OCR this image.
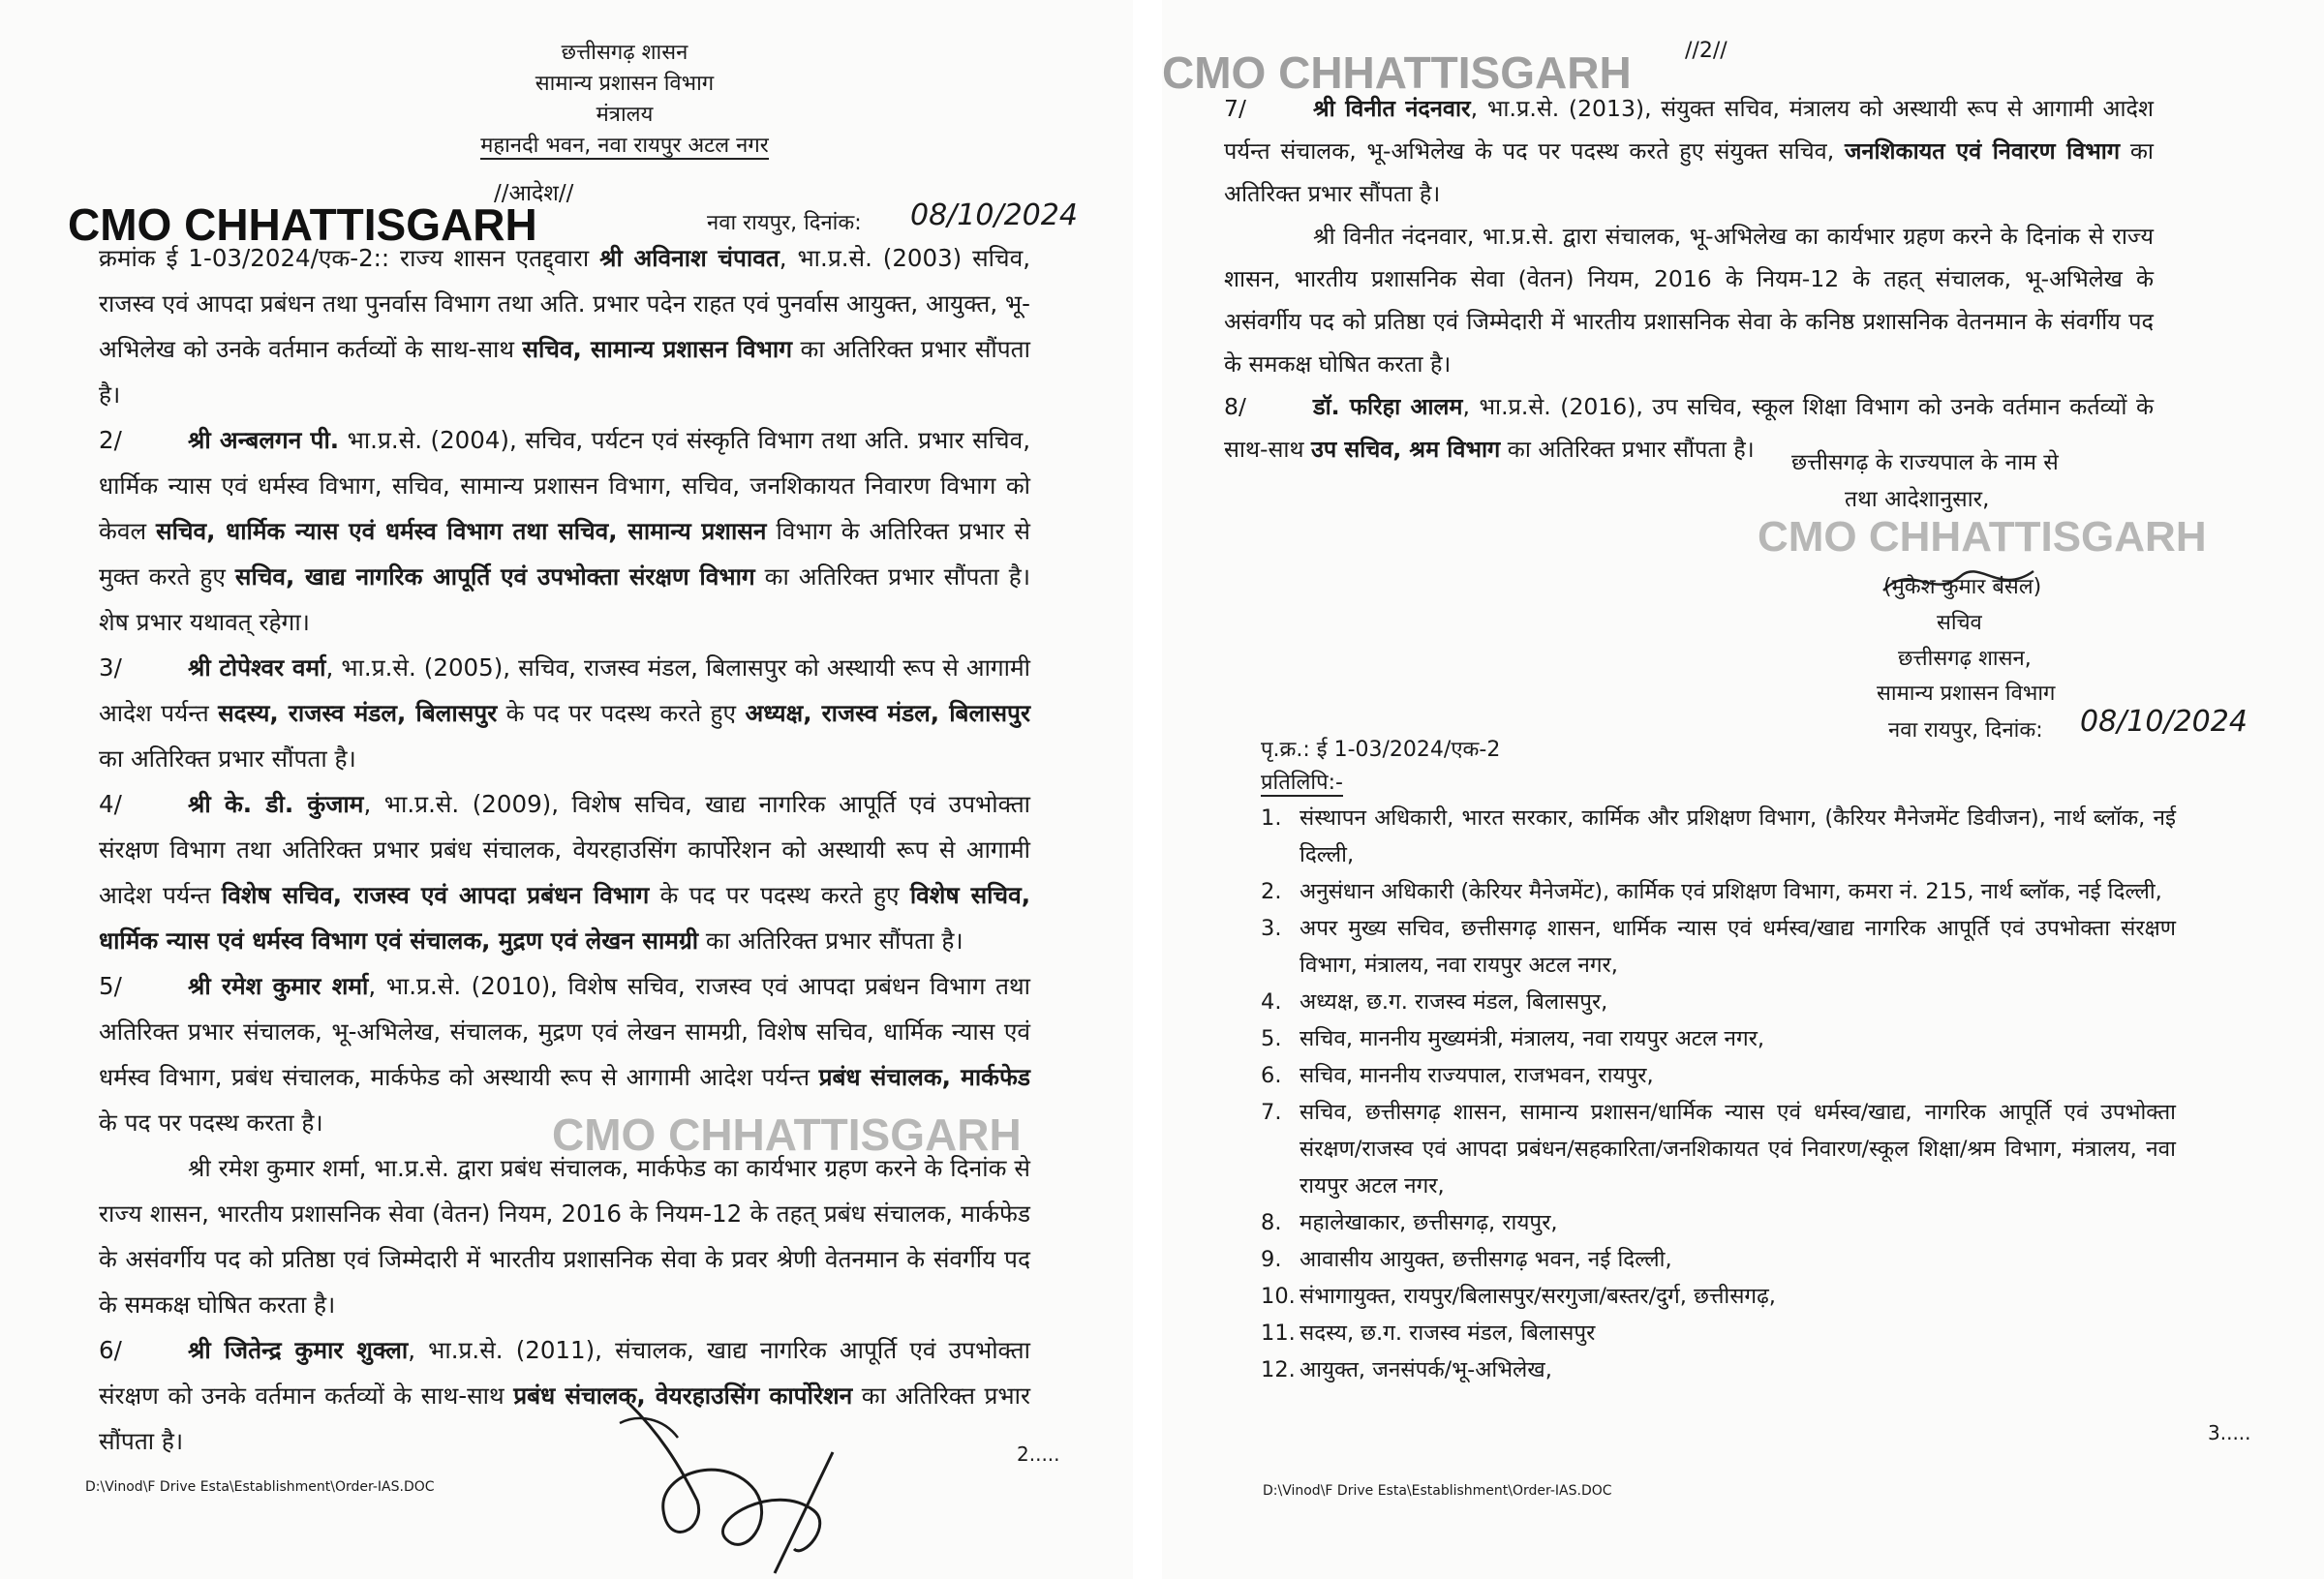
छत्तीसगढ़ शासन
सामान्य प्रशासन विभाग
मंत्रालय
महानदी भवन, नवा रायपुर अटल नगर
//आदेश//
CMO CHHATTISGARH	नवा रायपुर, दिनांक: 08/10/2024

क्रमांक ई 1-03/2024/एक-2:: राज्य शासन एतद्द्वारा श्री अविनाश चंपावत, भा.प्र.से. (2003) सचिव, राजस्व एवं आपदा प्रबंधन तथा पुनर्वास विभाग तथा अति. प्रभार पदेन राहत एवं पुनर्वास आयुक्त, आयुक्त, भू-अभिलेख को उनके वर्तमान कर्तव्यों के साथ-साथ सचिव, सामान्य प्रशासन विभाग का अतिरिक्त प्रभार सौंपता है।

2/	श्री अन्बलगन पी. भा.प्र.से. (2004), सचिव, पर्यटन एवं संस्कृति विभाग तथा अति. प्रभार सचिव, धार्मिक न्यास एवं धर्मस्व विभाग, सचिव, सामान्य प्रशासन विभाग, सचिव, जनशिकायत निवारण विभाग को केवल सचिव, धार्मिक न्यास एवं धर्मस्व विभाग तथा सचिव, सामान्य प्रशासन विभाग के अतिरिक्त प्रभार से मुक्त करते हुए सचिव, खाद्य नागरिक आपूर्ति एवं उपभोक्ता संरक्षण विभाग का अतिरिक्त प्रभार सौंपता है। शेष प्रभार यथावत् रहेगा।

3/	श्री टोपेश्वर वर्मा, भा.प्र.से. (2005), सचिव, राजस्व मंडल, बिलासपुर को अस्थायी रूप से आगामी आदेश पर्यन्त सदस्य, राजस्व मंडल, बिलासपुर के पद पर पदस्थ करते हुए अध्यक्ष, राजस्व मंडल, बिलासपुर का अतिरिक्त प्रभार सौंपता है।

4/	श्री के. डी. कुंजाम, भा.प्र.से. (2009), विशेष सचिव, खाद्य नागरिक आपूर्ति एवं उपभोक्ता संरक्षण विभाग तथा अतिरिक्त प्रभार प्रबंध संचालक, वेयरहाउसिंग कार्पोरेशन को अस्थायी रूप से आगामी आदेश पर्यन्त विशेष सचिव, राजस्व एवं आपदा प्रबंधन विभाग के पद पर पदस्थ करते हुए विशेष सचिव, धार्मिक न्यास एवं धर्मस्व विभाग एवं संचालक, मुद्रण एवं लेखन सामग्री का अतिरिक्त प्रभार सौंपता है।

5/	श्री रमेश कुमार शर्मा, भा.प्र.से. (2010), विशेष सचिव, राजस्व एवं आपदा प्रबंधन विभाग तथा अतिरिक्त प्रभार संचालक, भू-अभिलेख, संचालक, मुद्रण एवं लेखन सामग्री, विशेष सचिव, धार्मिक न्यास एवं धर्मस्व विभाग, प्रबंध संचालक, मार्कफेड को अस्थायी रूप से आगामी आदेश पर्यन्त प्रबंध संचालक, मार्कफेड के पद पर पदस्थ करता है।

श्री रमेश कुमार शर्मा, भा.प्र.से. द्वारा प्रबंध संचालक, मार्कफेड का कार्यभार ग्रहण करने के दिनांक से राज्य शासन, भारतीय प्रशासनिक सेवा (वेतन) नियम, 2016 के नियम-12 के तहत् प्रबंध संचालक, मार्कफेड के असंवर्गीय पद को प्रतिष्ठा एवं जिम्मेदारी में भारतीय प्रशासनिक सेवा के प्रवर श्रेणी वेतनमान के संवर्गीय पद के समकक्ष घोषित करता है।

6/	श्री जितेन्द्र कुमार शुक्ला, भा.प्र.से. (2011), संचालक, खाद्य नागरिक आपूर्ति एवं उपभोक्ता संरक्षण को उनके वर्तमान कर्तव्यों के साथ-साथ प्रबंध संचालक, वेयरहाउसिंग कार्पोरेशन का अतिरिक्त प्रभार सौंपता है।

CMO CHHATTISGARH
2.....
D:\Vinod\F Drive Esta\Establishment\Order-IAS.DOC
CMO CHHATTISGARH	//2//

7/	श्री विनीत नंदनवार, भा.प्र.से. (2013), संयुक्त सचिव, मंत्रालय को अस्थायी रूप से आगामी आदेश पर्यन्त संचालक, भू-अभिलेख के पद पर पदस्थ करते हुए संयुक्त सचिव, जनशिकायत एवं निवारण विभाग का अतिरिक्त प्रभार सौंपता है।

श्री विनीत नंदनवार, भा.प्र.से. द्वारा संचालक, भू-अभिलेख का कार्यभार ग्रहण करने के दिनांक से राज्य शासन, भारतीय प्रशासनिक सेवा (वेतन) नियम, 2016 के नियम-12 के तहत् संचालक, भू-अभिलेख के असंवर्गीय पद को प्रतिष्ठा एवं जिम्मेदारी में भारतीय प्रशासनिक सेवा के कनिष्ठ प्रशासनिक वेतनमान के संवर्गीय पद के समकक्ष घोषित करता है।

8/	डॉ. फरिहा आलम, भा.प्र.से. (2016), उप सचिव, स्कूल शिक्षा विभाग को उनके वर्तमान कर्तव्यों के साथ-साथ उप सचिव, श्रम विभाग का अतिरिक्त प्रभार सौंपता है।	छत्तीसगढ़ के राज्यपाल के नाम से
तथा आदेशानुसार,
CMO CHHATTISGARH
(मुकेश कुमार बंसल)
सचिव
छत्तीसगढ़ शासन,
सामान्य प्रशासन विभाग
नवा रायपुर, दिनांक: 08/10/2024
पृ.क्र.: ई 1-03/2024/एक-2
प्रतिलिपि:-
1. संस्थापन अधिकारी, भारत सरकार, कार्मिक और प्रशिक्षण विभाग, (कैरियर मैनेजमेंट डिवीजन), नार्थ ब्लॉक, नई दिल्ली,
2. अनुसंधान अधिकारी (केरियर मैनेजमेंट), कार्मिक एवं प्रशिक्षण विभाग, कमरा नं. 215, नार्थ ब्लॉक, नई दिल्ली,
3. अपर मुख्य सचिव, छत्तीसगढ़ शासन, धार्मिक न्यास एवं धर्मस्व/खाद्य नागरिक आपूर्ति एवं उपभोक्ता संरक्षण विभाग, मंत्रालय, नवा रायपुर अटल नगर,
4. अध्यक्ष, छ.ग. राजस्व मंडल, बिलासपुर,
5. सचिव, माननीय मुख्यमंत्री, मंत्रालय, नवा रायपुर अटल नगर,
6. सचिव, माननीय राज्यपाल, राजभवन, रायपुर,
7. सचिव, छत्तीसगढ़ शासन, सामान्य प्रशासन/धार्मिक न्यास एवं धर्मस्व/खाद्य, नागरिक आपूर्ति एवं उपभोक्ता संरक्षण/राजस्व एवं आपदा प्रबंधन/सहकारिता/जनशिकायत एवं निवारण/स्कूल शिक्षा/श्रम विभाग, मंत्रालय, नवा रायपुर अटल नगर,
8. महालेखाकार, छत्तीसगढ़, रायपुर,
9. आवासीय आयुक्त, छत्तीसगढ़ भवन, नई दिल्ली,
10. संभागायुक्त, रायपुर/बिलासपुर/सरगुजा/बस्तर/दुर्ग, छत्तीसगढ़,
11. सदस्य, छ.ग. राजस्व मंडल, बिलासपुर
12. आयुक्त, जनसंपर्क/भू-अभिलेख,
3.....
D:\Vinod\F Drive Esta\Establishment\Order-IAS.DOC
